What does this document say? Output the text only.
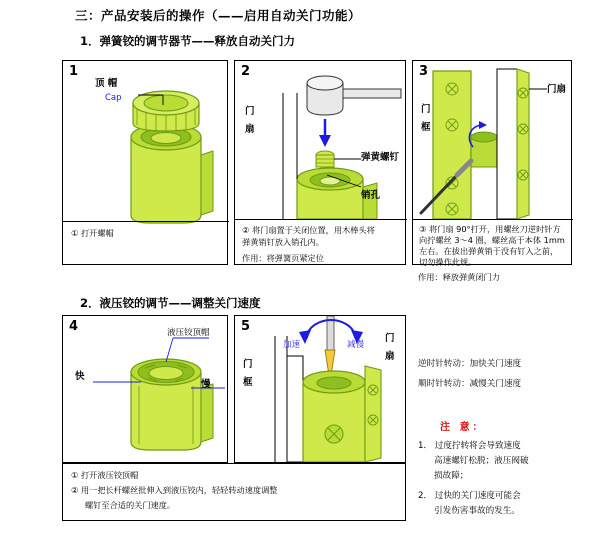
三：产品安装后的操作（——启用自动关门功能）
1．弹簧铰的调节器节——释放自动关门力
1
顶 帽
Cap
① 打开螺帽
2
门
扇
弹黄螺钉
销孔
② 将门扇置于关闭位置，用木棒头将
弹黄销钉放入销孔内。
作用：将弹簧页紧定位
3
门扇
门
框
③ 将门扇 90°打开，用螺丝刀逆时针方
向拧螺丝 3～4 圈，螺丝高于本体 1mm
左右。在拔出弹黄销于没有钉入之前，
切勿操作此规。
作用：释放弹黄闭门力
2．液压铰的调节——调整关门速度
4	液压铰顶帽
快
慢
5
门
框
加速	减慢
门
扇
① 打开液压铰顶帽
② 用一把长杆螺丝批伸入到液压铰内，轻轻转动速度调整
螺钉至合适的关门速度。
逆时针转动：加快关门速度
顺时针转动：减慢关门速度
注 意：
1． 过度拧转将会导致速度
高速螺钉松脱；液压阀破
损故障；
2． 过快的关门速度可能会
引发伤害事故的发生。
